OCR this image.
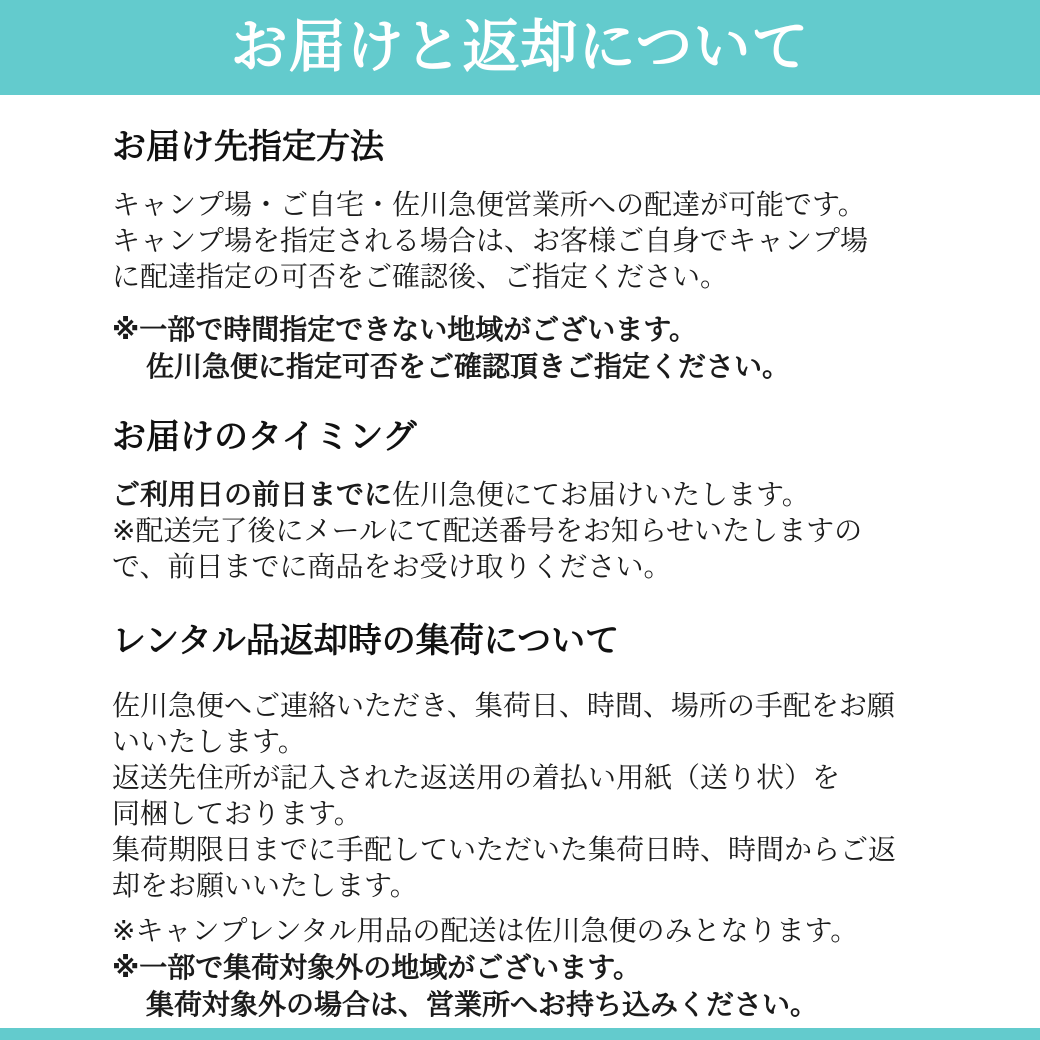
お届けと返却について
お届け先指定方法
キャンプ場・ご自宅・佐川急便営業所への配達が可能です。
キャンプ場を指定される場合は、お客様ご自身でキャンプ場
に配達指定の可否をご確認後、ご指定ください。
※一部で時間指定できない地域がございます。
佐川急便に指定可否をご確認頂きご指定ください。
お届けのタイミング
ご利用日の前日までに佐川急便にてお届けいたします。
※配送完了後にメールにて配送番号をお知らせいたしますの
で、前日までに商品をお受け取りください。
レンタル品返却時の集荷について
佐川急便へご連絡いただき、集荷日、時間、場所の手配をお願
いいたします。
返送先住所が記入された返送用の着払い用紙（送り状）を
同梱しております。
集荷期限日までに手配していただいた集荷日時、時間からご返
却をお願いいたします。
※キャンプレンタル用品の配送は佐川急便のみとなります。
※一部で集荷対象外の地域がございます。
集荷対象外の場合は、営業所へお持ち込みください。
